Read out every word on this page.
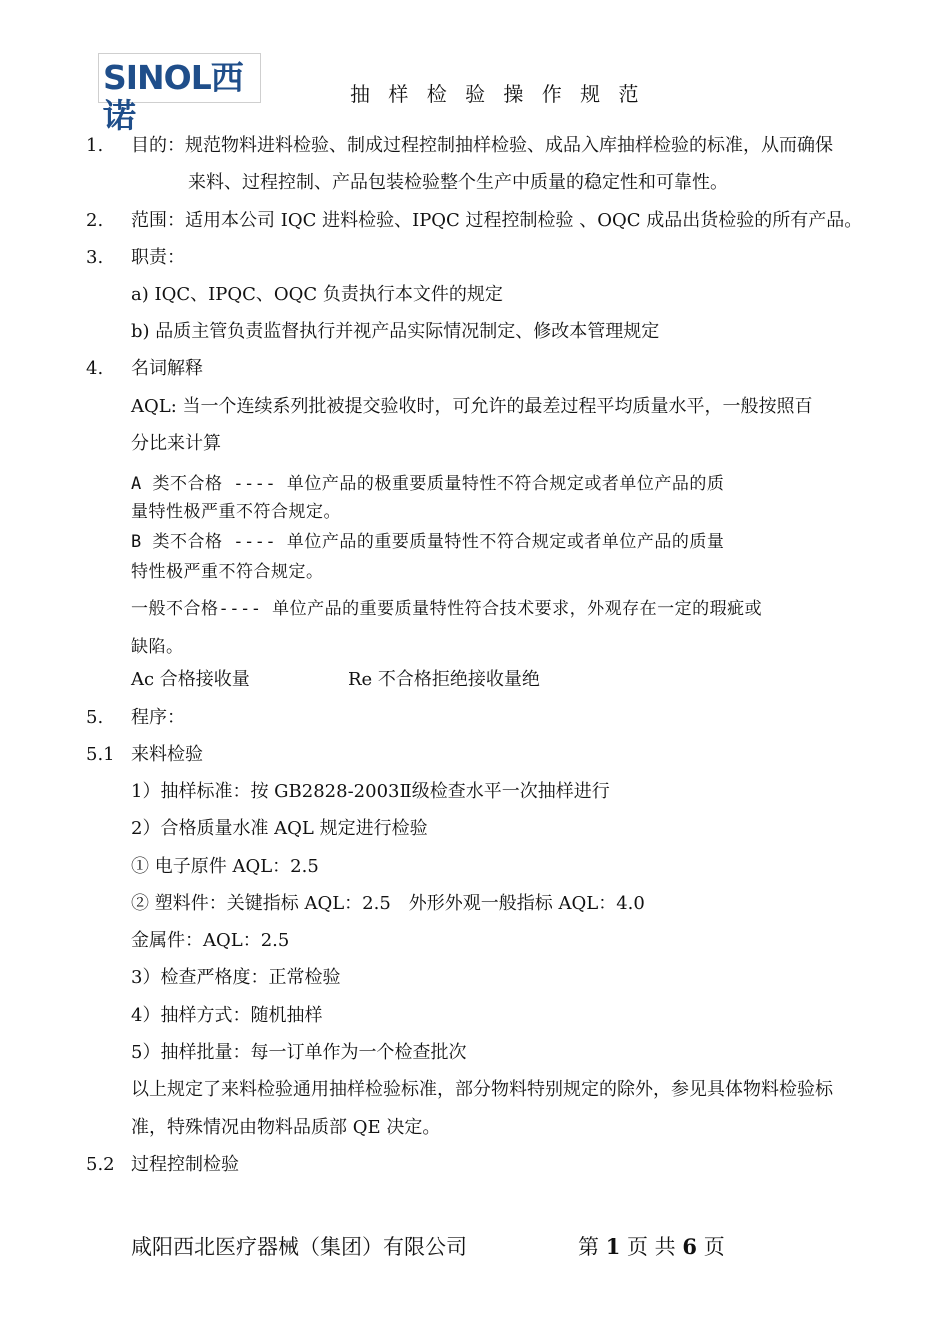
SINOL西诺
抽 样 检 验 操 作 规 范
1. 目的：规范物料进料检验、制成过程控制抽样检验、成品入库抽样检验的标准，从而确保
来料、过程控制、产品包装检验整个生产中质量的稳定性和可靠性。
2. 范围：适用本公司 IQC 进料检验、IPQC 过程控制检验 、OQC 成品出货检验的所有产品。
3. 职责：
a) IQC、IPQC、OQC 负责执行本文件的规定
b) 品质主管负责监督执行并视产品实际情况制定、修改本管理规定
4. 名词解释
AQL: 当一个连续系列批被提交验收时，可允许的最差过程平均质量水平，一般按照百
分比来计算
A 类不合格 ---- 单位产品的极重要质量特性不符合规定或者单位产品的质
量特性极严重不符合规定。
B 类不合格 ---- 单位产品的重要质量特性不符合规定或者单位产品的质量
特性极严重不符合规定。
一般不合格---- 单位产品的重要质量特性符合技术要求，外观存在一定的瑕疵或
缺陷。
Ac 合格接收量	Re 不合格拒绝接收量绝
5. 程序：
5.1 来料检验
1）抽样标准：按 GB2828-2003Ⅱ级检查水平一次抽样进行
2）合格质量水准 AQL 规定进行检验
① 电子原件 AQL：2.5
② 塑料件：关键指标 AQL：2.5　外形外观一般指标 AQL：4.0
金属件：AQL：2.5
3）检查严格度：正常检验
4）抽样方式：随机抽样
5）抽样批量：每一订单作为一个检查批次
以上规定了来料检验通用抽样检验标准，部分物料特别规定的除外，参见具体物料检验标
准，特殊情况由物料品质部 QE 决定。
5.2 过程控制检验
咸阳西北医疗器械（集团）有限公司	第 1 页 共 6 页
